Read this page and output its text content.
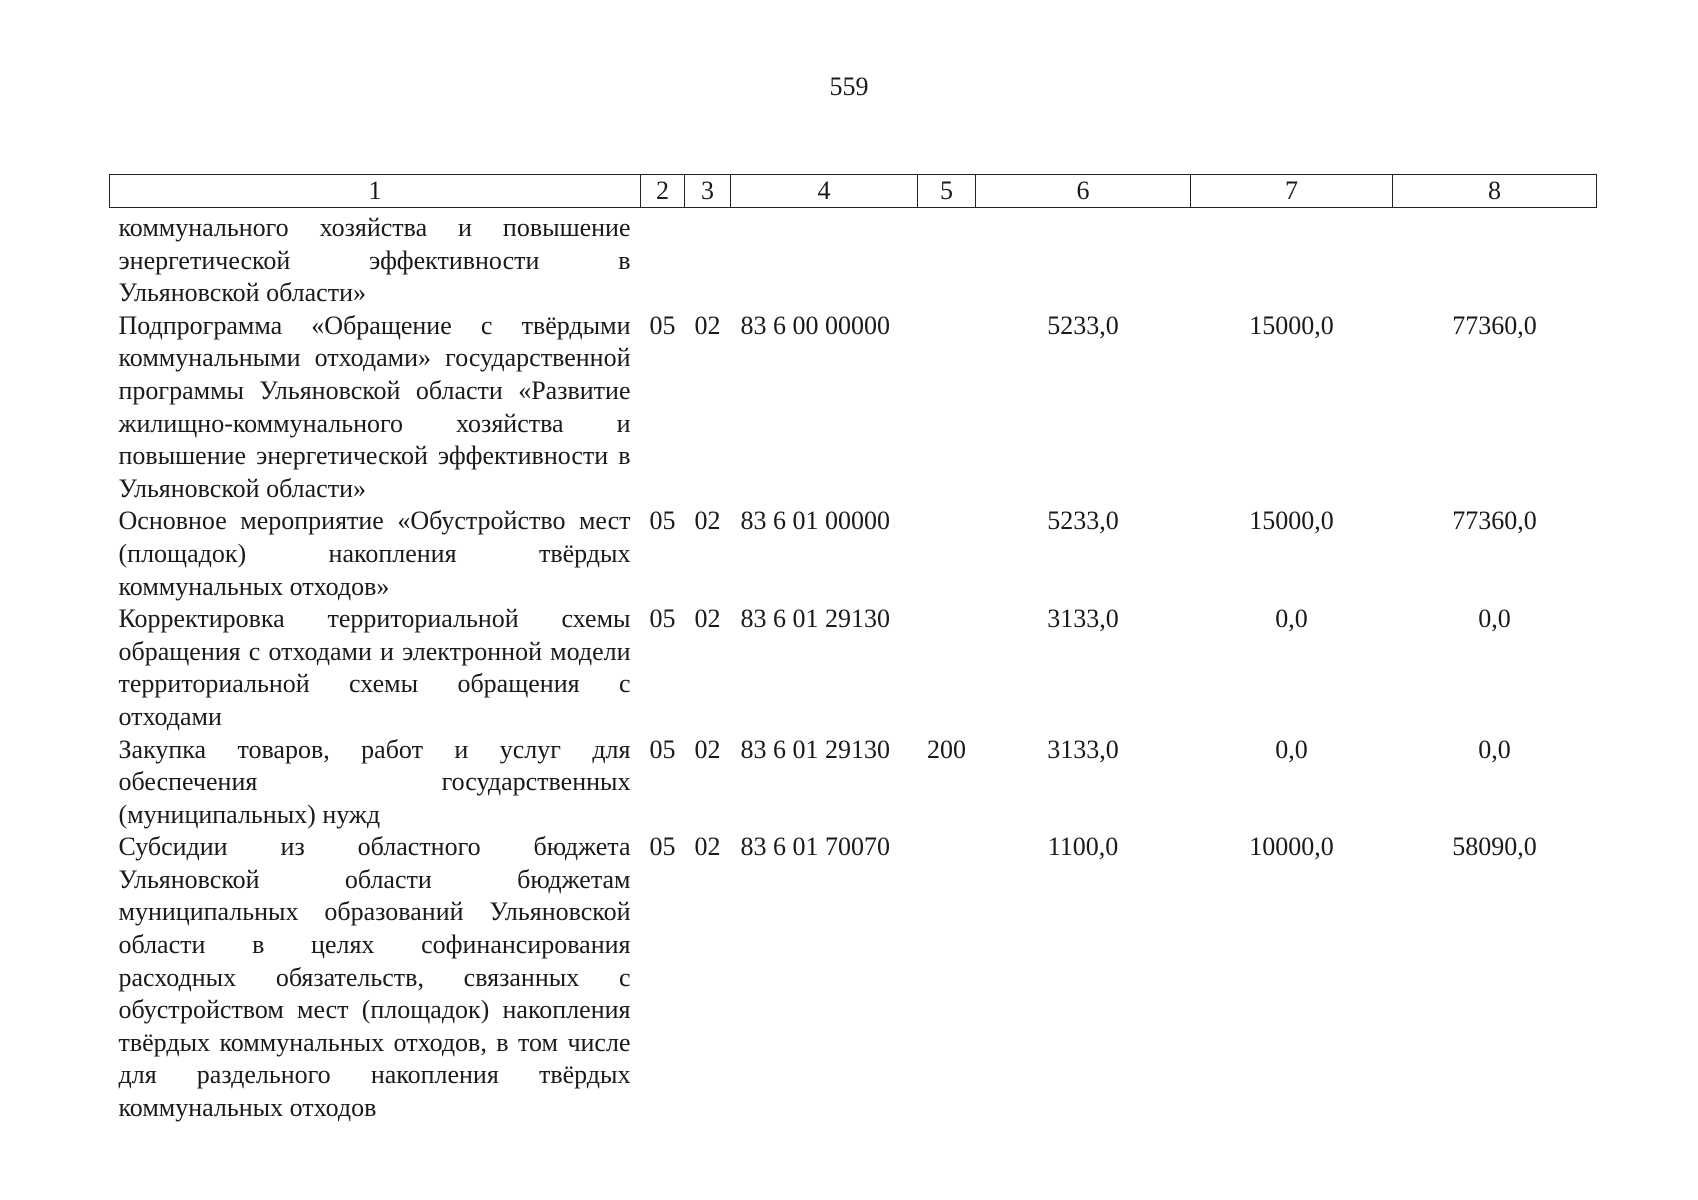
559
1	2	3	4	5	6	7	8
коммунального хозяйства и повышение энергетической эффективности в Ульяновской области»							
Подпрограмма «Обращение с твёрдыми коммунальными отходами» государственной программы Ульяновской области «Развитие жилищно-коммунального хозяйства и повышение энергетической эффективности в Ульяновской области»	05	02	83 6 00 00000		5233,0	15000,0	77360,0
Основное мероприятие «Обустройство мест (площадок) накопления твёрдых коммунальных отходов»	05	02	83 6 01 00000		5233,0	15000,0	77360,0
Корректировка территориальной схемы обращения с отходами и электронной модели территориальной схемы обращения с отходами	05	02	83 6 01 29130		3133,0	0,0	0,0
Закупка товаров, работ и услуг для обеспечения государственных (муниципальных) нужд	05	02	83 6 01 29130	200	3133,0	0,0	0,0
Субсидии из областного бюджета Ульяновской области бюджетам муниципальных образований Ульяновской области в целях софинансирования расходных обязательств, связанных с обустройством мест (площадок) накопления твёрдых коммунальных отходов, в том числе для раздельного накопления твёрдых коммунальных отходов	05	02	83 6 01 70070		1100,0	10000,0	58090,0
